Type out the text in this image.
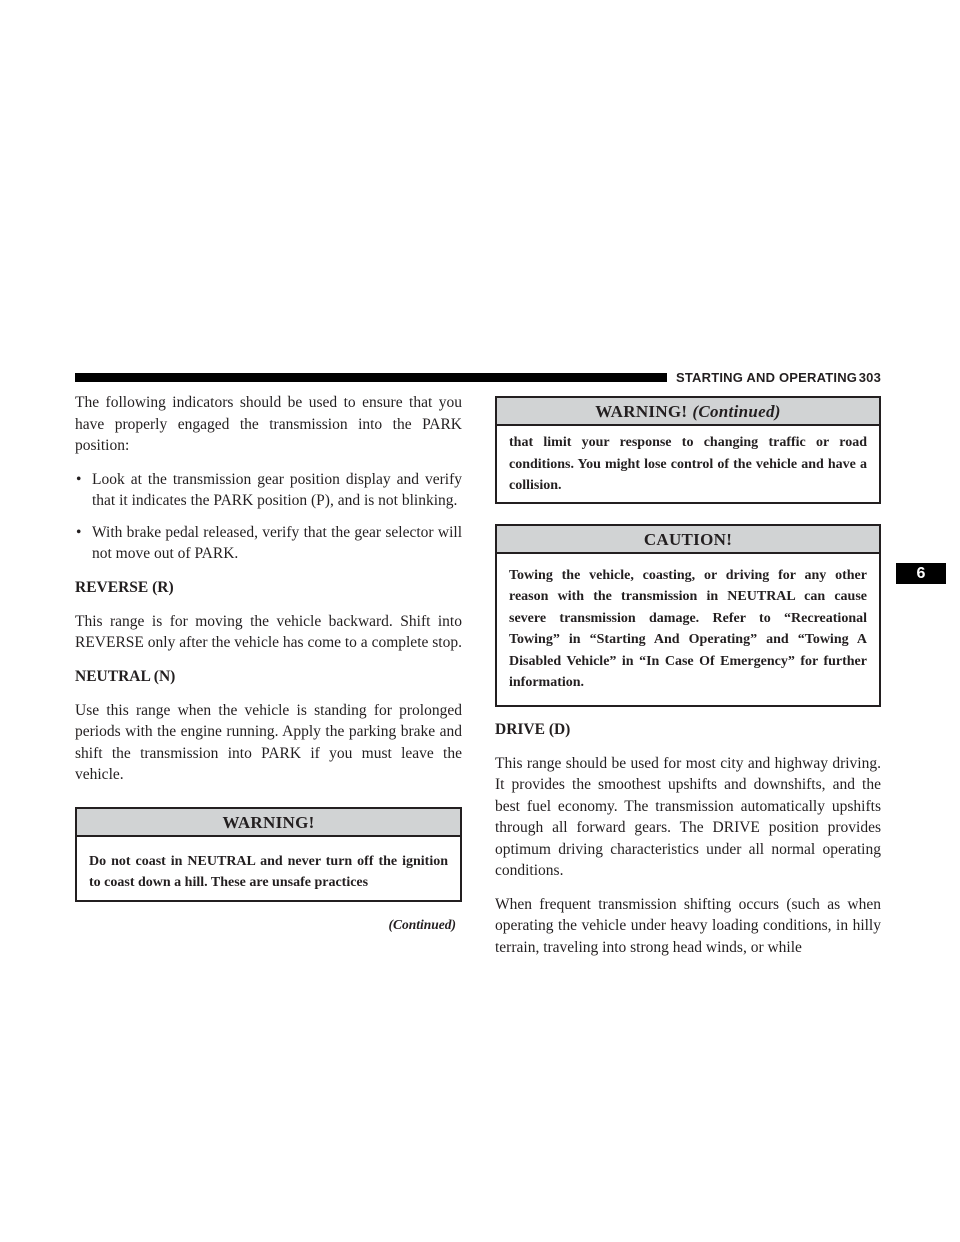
STARTING AND OPERATING 303
6

The following indicators should be used to ensure that you have properly engaged the transmission into the PARK position:

• Look at the transmission gear position display and verify that it indicates the PARK position (P), and is not blinking.
• With brake pedal released, verify that the gear selector will not move out of PARK.
REVERSE (R)

This range is for moving the vehicle backward. Shift into REVERSE only after the vehicle has come to a complete stop.

NEUTRAL (N)

Use this range when the vehicle is standing for prolonged periods with the engine running. Apply the parking brake and shift the transmission into PARK if you must leave the vehicle.

WARNING!
Do not coast in NEUTRAL and never turn off the ignition to coast down a hill. These are unsafe practices
(Continued)
WARNING! (Continued)
that limit your response to changing traffic or road conditions. You might lose control of the vehicle and have a collision.
CAUTION!
Towing the vehicle, coasting, or driving for any other reason with the transmission in NEUTRAL can cause severe transmission damage. Refer to “Recreational Towing” in “Starting And Operating” and “Towing A Disabled Vehicle” in “In Case Of Emergency” for further information.
DRIVE (D)

This range should be used for most city and highway driving. It provides the smoothest upshifts and downshifts, and the best fuel economy. The transmission automatically upshifts through all forward gears. The DRIVE position provides optimum driving characteristics under all normal operating conditions.

When frequent transmission shifting occurs (such as when operating the vehicle under heavy loading conditions, in hilly terrain, traveling into strong head winds, or while
